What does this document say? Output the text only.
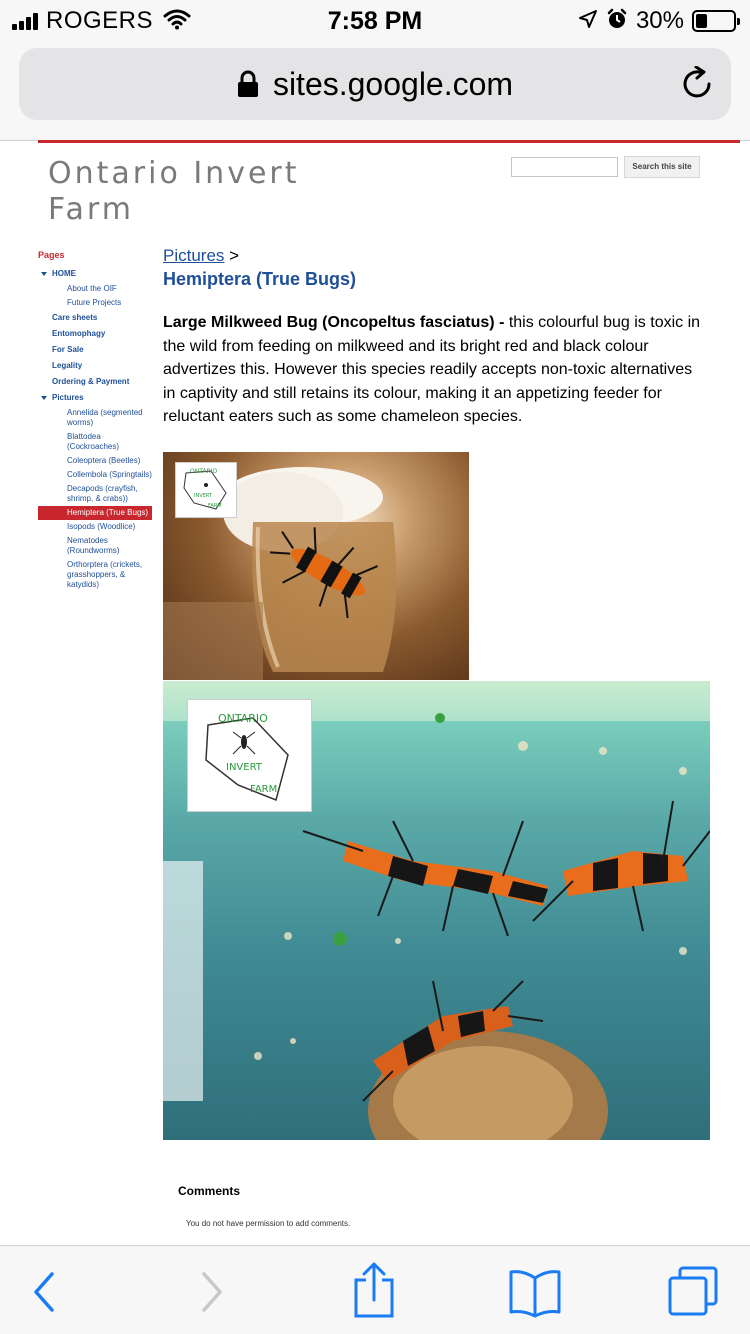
ROGERS	7:58 PM	30%
sites.google.com
Ontario Invert Farm
Search this site
Pages
HOME
About the OIF
Future Projects
Care sheets
Entomophagy
For Sale
Legality
Ordering & Payment
Pictures
Annelida (segmented worms)
Blattodea (Cockroaches)
Coleoptera (Beetles)
Collembola (Springtails)
Decapods (crayfish, shrimp, & crabs))
Hemiptera (True Bugs)
Isopods (Woodlice)
Nematodes (Roundworms)
Orthorptera (crickets, grasshoppers, & katydids)
Pictures >
Hemiptera (True Bugs)

Large Milkweed Bug (Oncopeltus fasciatus) - this colourful bug is toxic in the wild from feeding on milkweed and its bright red and black colour advertizes this. However this species readily accepts non-toxic alternatives in captivity and still retains its colour, making it an appetizing feeder for reluctant eaters such as some chameleon species.

ONTARIO
INVERT
FARM
ONTARIO
INVERT
FARM
Comments
You do not have permission to add comments.
